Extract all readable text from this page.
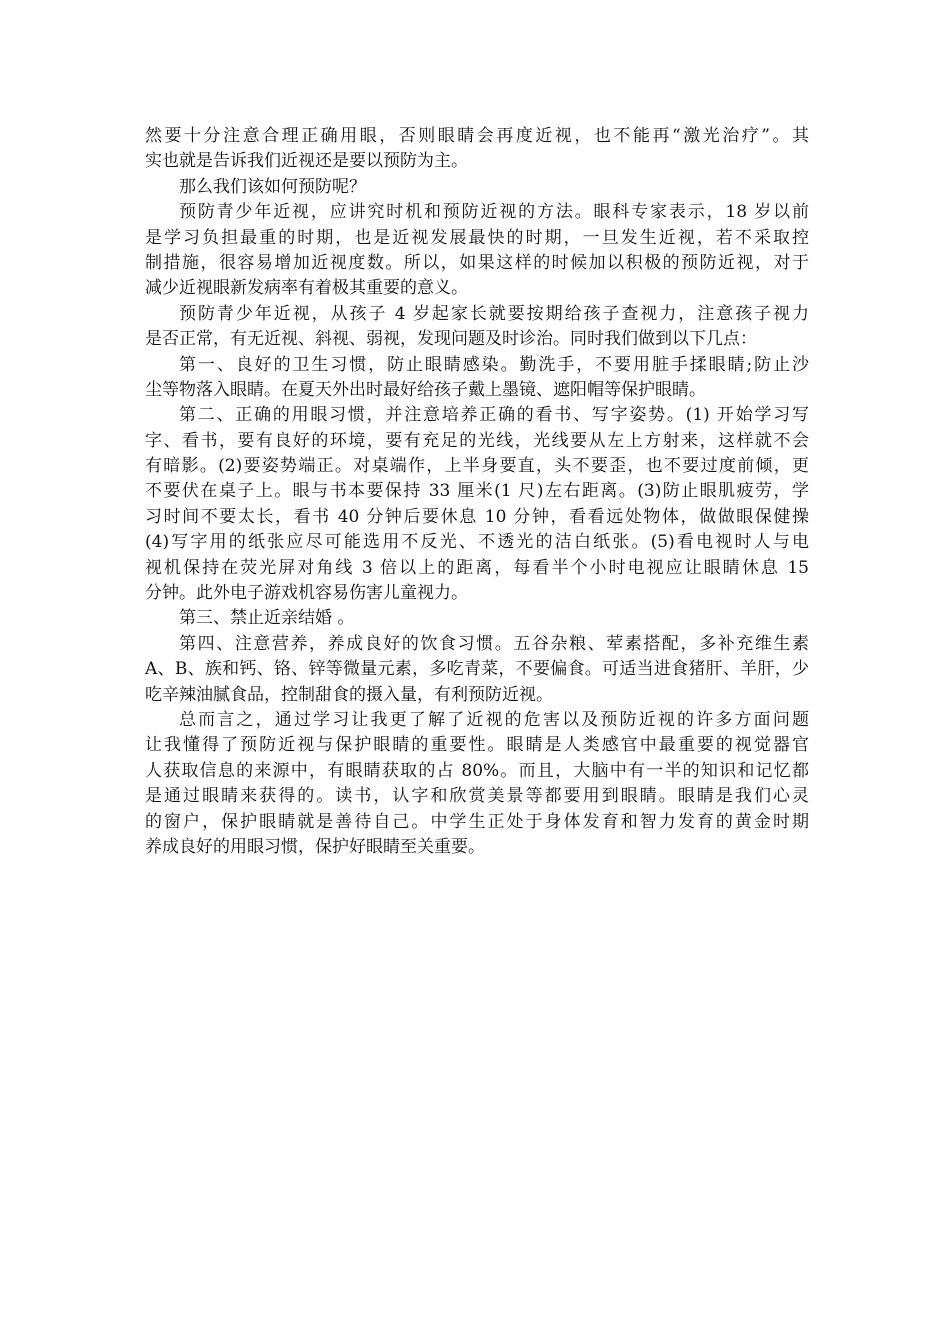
然要十分注意合理正确用眼，否则眼睛会再度近视，也不能再“激光治疗”。其
实也就是告诉我们近视还是要以预防为主。
那么我们该如何预防呢？
预防青少年近视，应讲究时机和预防近视的方法。眼科专家表示，18 岁以前
是学习负担最重的时期，也是近视发展最快的时期，一旦发生近视，若不采取控
制措施，很容易增加近视度数。所以，如果这样的时候加以积极的预防近视，对于
减少近视眼新发病率有着极其重要的意义。
预防青少年近视，从孩子 4 岁起家长就要按期给孩子查视力，注意孩子视力
是否正常，有无近视、斜视、弱视，发现问题及时诊治。同时我们做到以下几点：
第一、良好的卫生习惯，防止眼睛感染。勤洗手，不要用脏手揉眼睛;防止沙
尘等物落入眼睛。在夏天外出时最好给孩子戴上墨镜、遮阳帽等保护眼睛。
第二、正确的用眼习惯，并注意培养正确的看书、写字姿势。(1) 开始学习写
字、看书，要有良好的环境，要有充足的光线，光线要从左上方射来，这样就不会
有暗影。(2)要姿势端正。对桌端作，上半身要直，头不要歪，也不要过度前倾，更
不要伏在桌子上。眼与书本要保持 33 厘米(1 尺)左右距离。(3)防止眼肌疲劳，学
习时间不要太长，看书 40 分钟后要休息 10 分钟，看看远处物体，做做眼保健操
(4)写字用的纸张应尽可能选用不反光、不透光的洁白纸张。(5)看电视时人与电
视机保持在荧光屏对角线 3 倍以上的距离，每看半个小时电视应让眼睛休息 15
分钟。此外电子游戏机容易伤害儿童视力。
第三、禁止近亲结婚 。
第四、注意营养，养成良好的饮食习惯。五谷杂粮、荤素搭配，多补充维生素
A、B、族和钙、铬、锌等微量元素，多吃青菜，不要偏食。可适当进食猪肝、羊肝，少
吃辛辣油腻食品，控制甜食的摄入量，有利预防近视。
总而言之，通过学习让我更了解了近视的危害以及预防近视的许多方面问题
让我懂得了预防近视与保护眼睛的重要性。眼睛是人类感官中最重要的视觉器官
人获取信息的来源中，有眼睛获取的占 80%。而且，大脑中有一半的知识和记忆都
是通过眼睛来获得的。读书，认字和欣赏美景等都要用到眼睛。眼睛是我们心灵
的窗户，保护眼睛就是善待自己。中学生正处于身体发育和智力发育的黄金时期
养成良好的用眼习惯，保护好眼睛至关重要。
